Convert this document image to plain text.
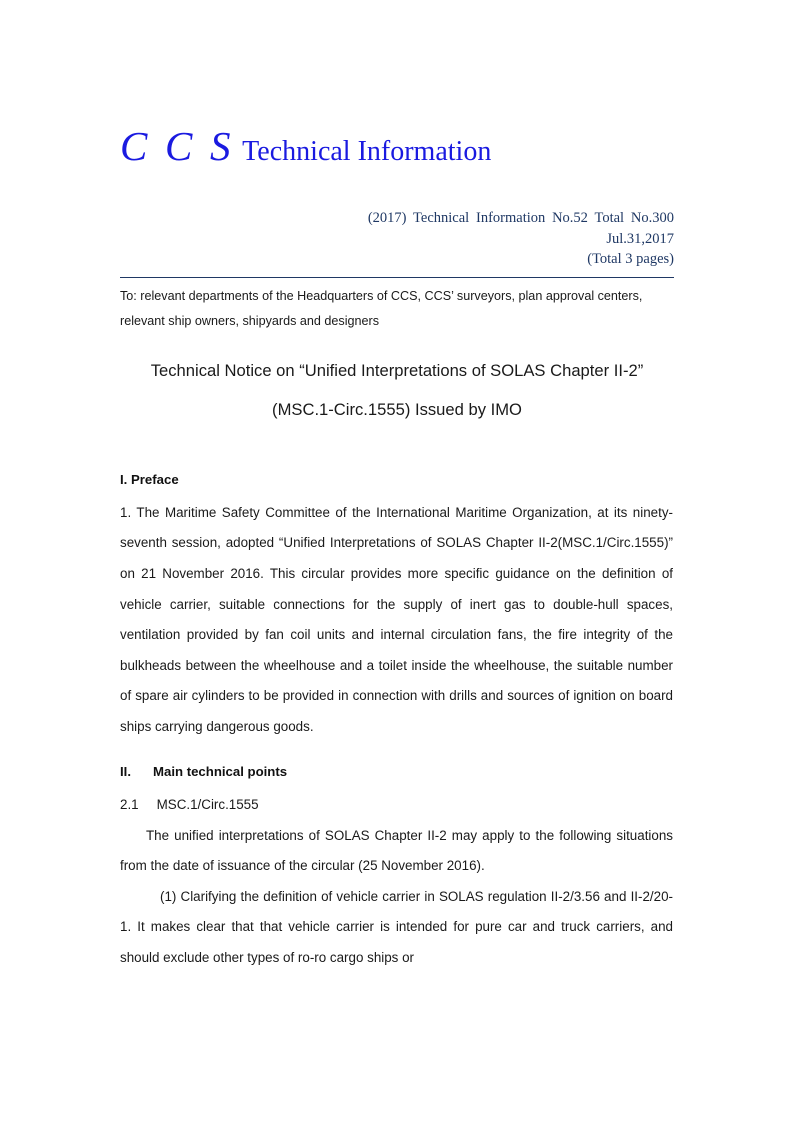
C C S Technical Information
(2017) Technical Information No.52 Total No.300
Jul.31,2017
(Total 3 pages)
To: relevant departments of the Headquarters of CCS, CCS’ surveyors, plan approval centers, relevant ship owners, shipyards and designers
Technical Notice on “Unified Interpretations of SOLAS Chapter II-2”
(MSC.1-Circ.1555) Issued by IMO
I. Preface

1. The Maritime Safety Committee of the International Maritime Organization, at its ninety-seventh session, adopted “Unified Interpretations of SOLAS Chapter II-2(MSC.1/Circ.1555)” on 21 November 2016. This circular provides more specific guidance on the definition of vehicle carrier, suitable connections for the supply of inert gas to double-hull spaces, ventilation provided by fan coil units and internal circulation fans, the fire integrity of the bulkheads between the wheelhouse and a toilet inside the wheelhouse, the suitable number of spare air cylinders to be provided in connection with drills and sources of ignition on board ships carrying dangerous goods.

II. Main technical points
2.1 MSC.1/Circ.1555

The unified interpretations of SOLAS Chapter II-2 may apply to the following situations from the date of issuance of the circular (25 November 2016).

(1) Clarifying the definition of vehicle carrier in SOLAS regulation II-2/3.56 and II-2/20-1. It makes clear that that vehicle carrier is intended for pure car and truck carriers, and should exclude other types of ro-ro cargo ships or
